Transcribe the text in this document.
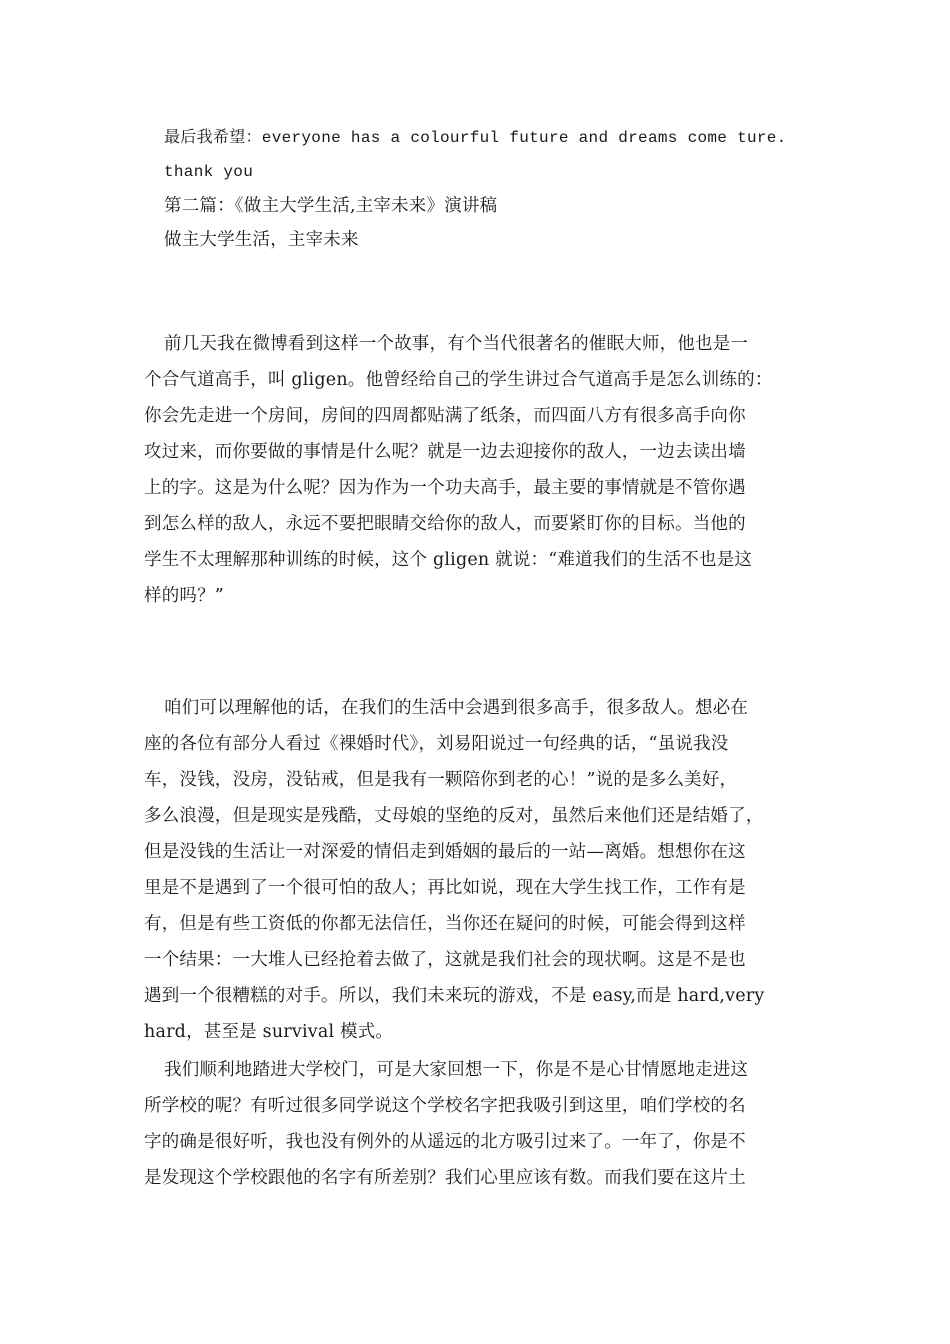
最后我希望：everyone has a colourful future and dreams come ture.
thank you
第二篇：《做主大学生活,主宰未来》演讲稿
做主大学生活，主宰未来
前几天我在微博看到这样一个故事，有个当代很著名的催眠大师，他也是一
个合气道高手，叫 gligen。他曾经给自己的学生讲过合气道高手是怎么训练的：
你会先走进一个房间，房间的四周都贴满了纸条，而四面八方有很多高手向你
攻过来，而你要做的事情是什么呢？就是一边去迎接你的敌人，一边去读出墙
上的字。这是为什么呢？因为作为一个功夫高手，最主要的事情就是不管你遇
到怎么样的敌人，永远不要把眼睛交给你的敌人，而要紧盯你的目标。当他的
学生不太理解那种训练的时候，这个 gligen 就说：“难道我们的生活不也是这
样的吗？”
咱们可以理解他的话，在我们的生活中会遇到很多高手，很多敌人。想必在
座的各位有部分人看过《裸婚时代》，刘易阳说过一句经典的话，“虽说我没
车，没钱，没房，没钻戒，但是我有一颗陪你到老的心！”说的是多么美好，
多么浪漫，但是现实是残酷，丈母娘的坚绝的反对，虽然后来他们还是结婚了，
但是没钱的生活让一对深爱的情侣走到婚姻的最后的一站—离婚。想想你在这
里是不是遇到了一个很可怕的敌人；再比如说，现在大学生找工作，工作有是
有，但是有些工资低的你都无法信任，当你还在疑问的时候，可能会得到这样
一个结果：一大堆人已经抢着去做了，这就是我们社会的现状啊。这是不是也
遇到一个很糟糕的对手。所以，我们未来玩的游戏，不是 easy,而是 hard,very
hard，甚至是 survival 模式。
我们顺利地踏进大学校门，可是大家回想一下，你是不是心甘情愿地走进这
所学校的呢？有听过很多同学说这个学校名字把我吸引到这里，咱们学校的名
字的确是很好听，我也没有例外的从遥远的北方吸引过来了。一年了，你是不
是发现这个学校跟他的名字有所差别？我们心里应该有数。而我们要在这片土
